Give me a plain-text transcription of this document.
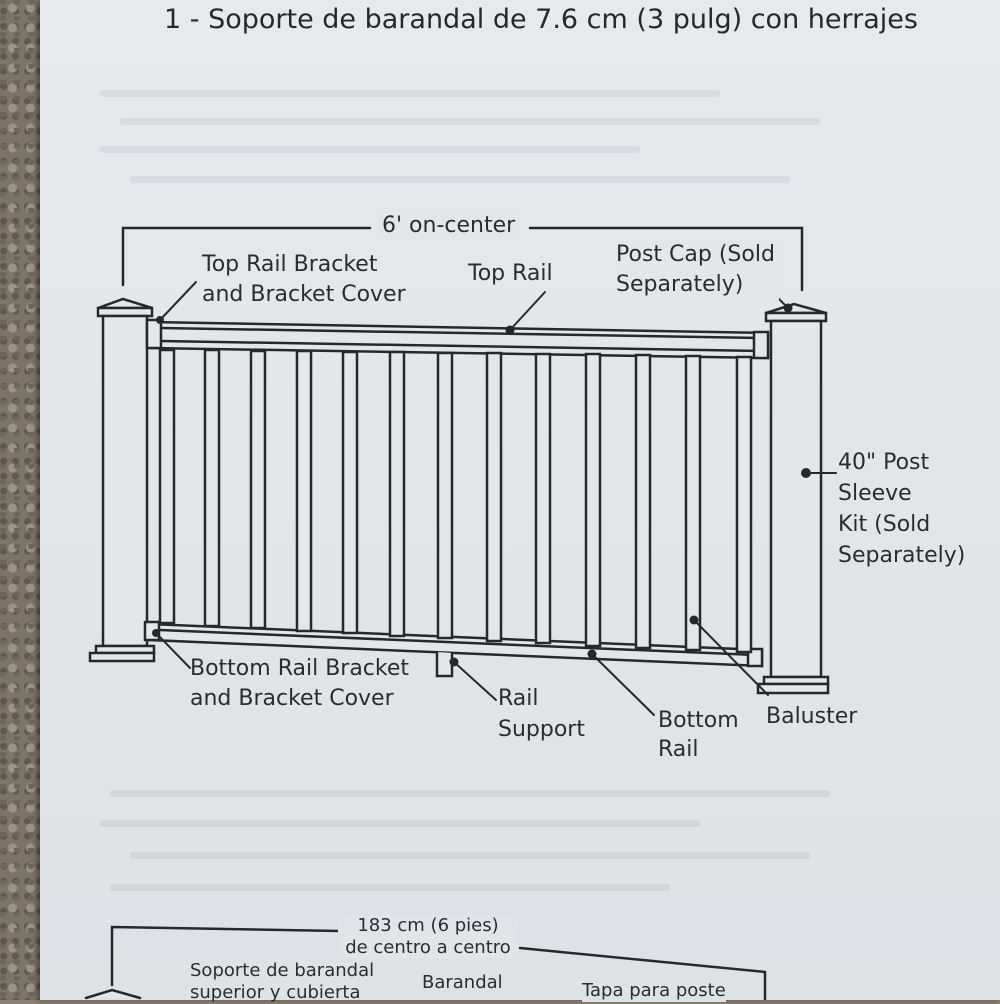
1 - Soporte de barandal de 7.6 cm (3 pulg) con herrajes
6' on-center
Top Rail Bracket
and Bracket Cover
Top Rail
Post Cap (Sold
Separately)
40" Post
Sleeve
Kit (Sold
Separately)
Bottom Rail Bracket
and Bracket Cover	Rail
Support	Bottom
Rail
Baluster
183 cm (6 pies)
de centro a centro
Soporte de barandal
superior y cubierta	Barandal	Tapa para poste
